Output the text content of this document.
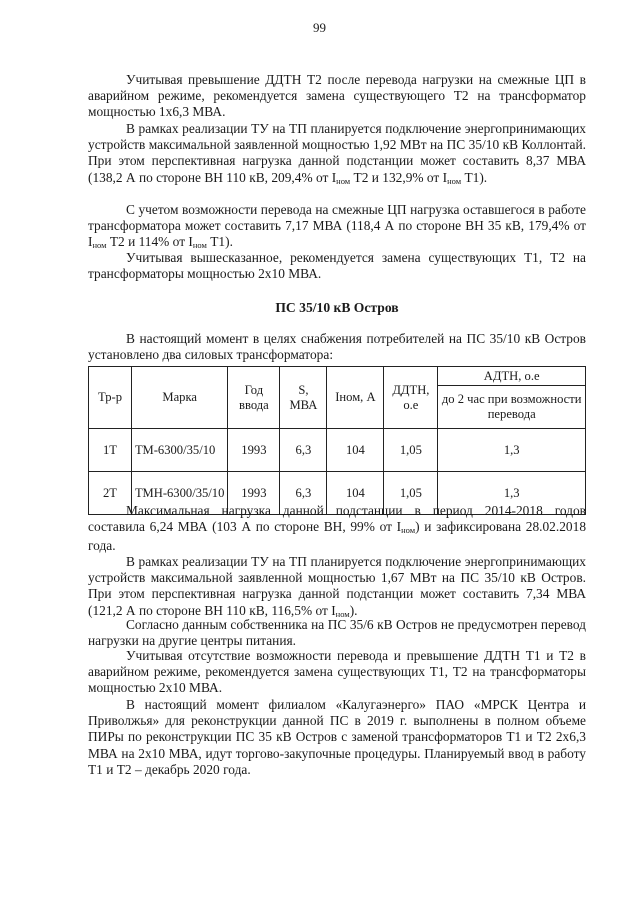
99

Учитывая превышение ДДТН Т2 после перевода нагрузки на смежные ЦП в аварийном режиме, рекомендуется замена существующего Т2 на трансформатор мощностью 1x6,3 МВА.

В рамках реализации ТУ на ТП планируется подключение энергопринимающих устройств максимальной заявленной мощностью 1,92 МВт на ПС 35/10 кВ Коллонтай. При этом перспективная нагрузка данной подстанции может составить 8,37 МВА (138,2 А по стороне ВН 110 кВ, 209,4% от $I_{ном}$ Т2 и 132,9% от $I_{ном}$ Т1).

С учетом возможности перевода на смежные ЦП нагрузка оставшегося в работе трансформатора может составить 7,17 МВА (118,4 А по стороне ВН 35 кВ, 179,4% от $I_{ном}$ Т2 и 114% от $I_{ном}$ Т1).

Учитывая вышесказанное, рекомендуется замена существующих Т1, Т2 на трансформаторы мощностью 2x10 МВА.

ПС 35/10 кВ Остров

В настоящий момент в целях снабжения потребителей на ПС 35/10 кВ Остров установлено два силовых трансформатора:

Тр-р	Марка	Год ввода	S, МВА	Iном, А	ДДТН, о.е	АДТН, о.е
						до 2 час при возможности перевода
1Т	ТМ-6300/35/10	1993	6,3	104	1,05	1,3
2Т	ТМН-6300/35/10	1993	6,3	104	1,05	1,3

Максимальная нагрузка данной подстанции в период 2014-2018 годов составила 6,24 МВА (103 А по стороне ВН, 99% от $I_{ном}$) и зафиксирована 28.02.2018 года.

В рамках реализации ТУ на ТП планируется подключение энергопринимающих устройств максимальной заявленной мощностью 1,67 МВт на ПС 35/10 кВ Остров. При этом перспективная нагрузка данной подстанции может составить 7,34 МВА (121,2 А по стороне ВН 110 кВ, 116,5% от $I_{ном}$).

Согласно данным собственника на ПС 35/6 кВ Остров не предусмотрен перевод нагрузки на другие центры питания.

Учитывая отсутствие возможности перевода и превышение ДДТН Т1 и Т2 в аварийном режиме, рекомендуется замена существующих Т1, Т2 на трансформаторы мощностью 2x10 МВА.

В настоящий момент филиалом «Калугаэнерго» ПАО «МРСК Центра и Приволжья» для реконструкции данной ПС в 2019 г. выполнены в полном объеме ПИРы по реконструкции ПС 35 кВ Остров с заменой трансформаторов Т1 и Т2 2x6,3 МВА на 2x10 МВА, идут торгово-закупочные процедуры. Планируемый ввод в работу Т1 и Т2 – декабрь 2020 года.
